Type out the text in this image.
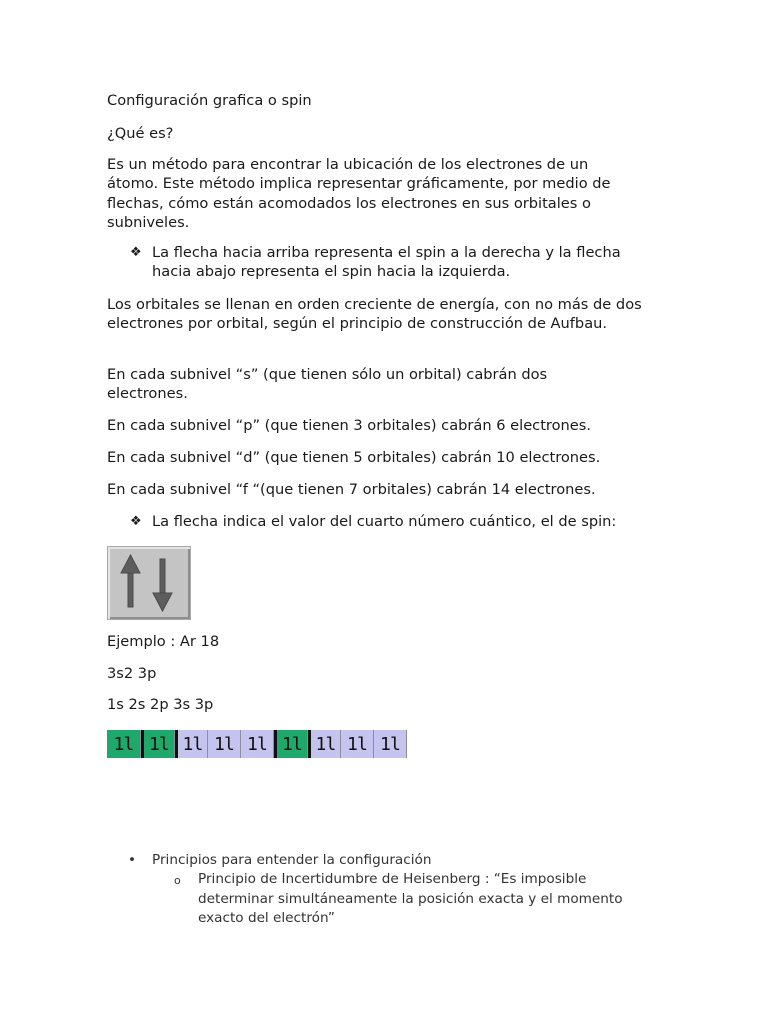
Configuración grafica o spin

¿Qué es?

Es un método para encontrar la ubicación de los electrones de un átomo. Este método implica representar gráficamente, por medio de flechas, cómo están acomodados los electrones en sus orbitales o subniveles.

❖ La flecha hacia arriba representa el spin a la derecha y la flecha hacia abajo representa el spin hacia la izquierda.

Los orbitales se llenan en orden creciente de energía, con no más de dos electrones por orbital, según el principio de construcción de Aufbau.

En cada subnivel “s” (que tienen sólo un orbital) cabrán dos electrones.

En cada subnivel “p” (que tienen 3 orbitales) cabrán 6 electrones.

En cada subnivel “d” (que tienen 5 orbitales) cabrán 10 electrones.

En cada subnivel “f “(que tienen 7 orbitales) cabrán 14 electrones.

❖ La flecha indica el valor del cuarto número cuántico, el de spin:

Ejemplo : Ar 18

3s2 3p

1s 2s 2p 3s 3p

1 l 1 l 1 l 1 l 1 l 1 l 1 l 1 l 1 l
• Principios para entender la configuración
o Principio de Incertidumbre de Heisenberg : “Es imposible determinar simultáneamente la posición exacta y el momento exacto del electrón”
